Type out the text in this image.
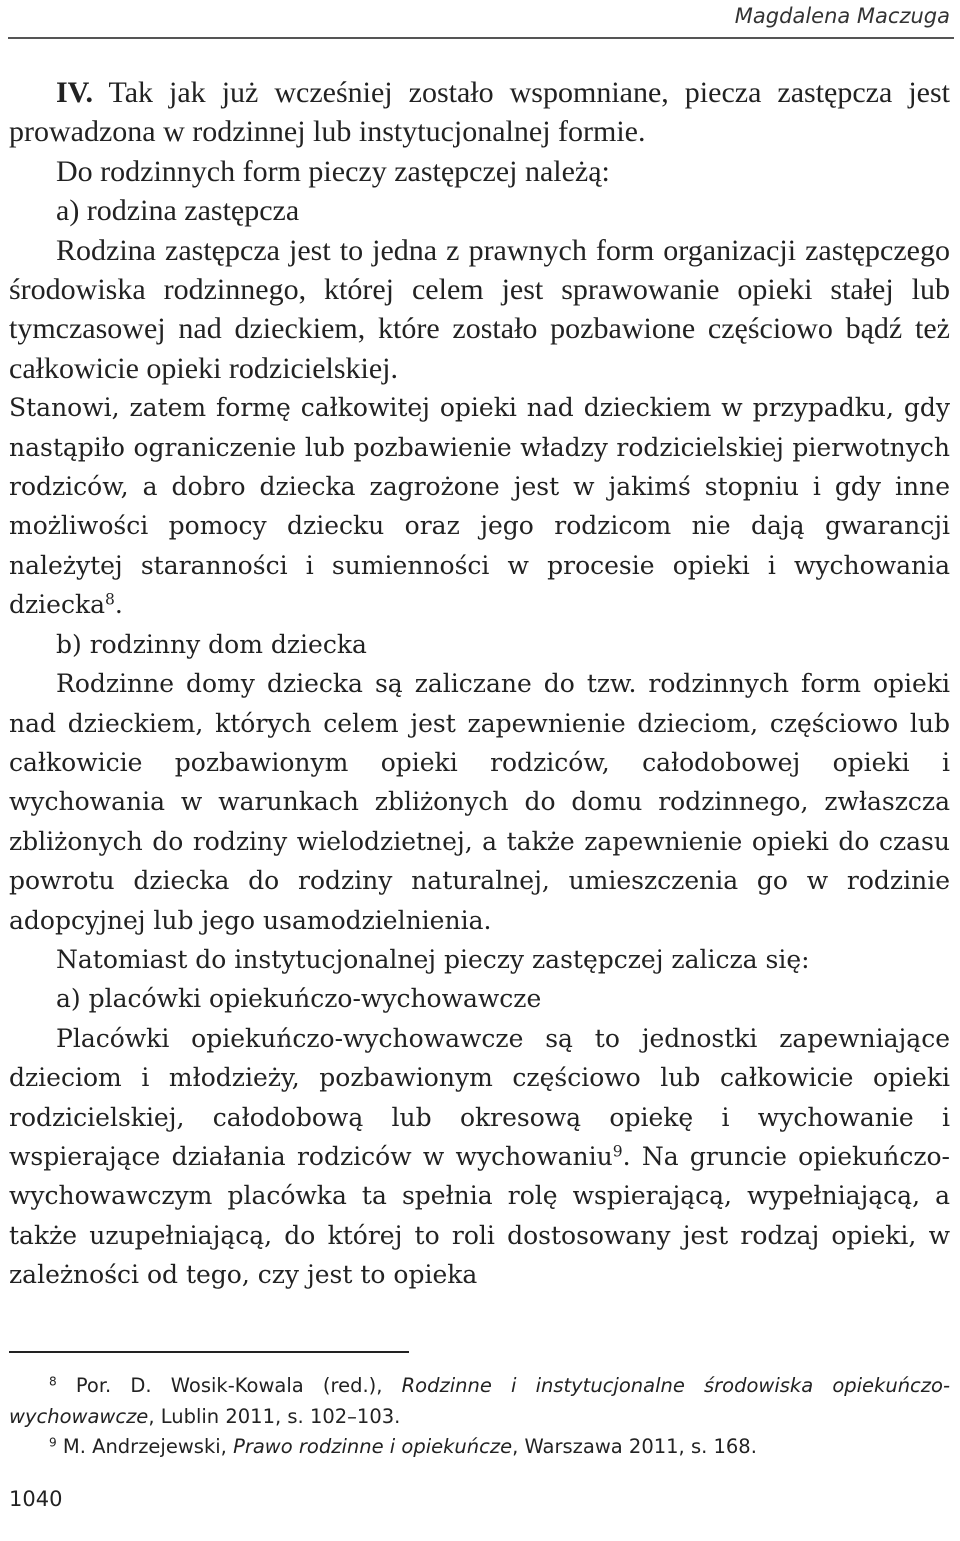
Magdalena Maczuga

IV. Tak jak już wcześniej zostało wspomniane, piecza zastępcza jest prowadzona w rodzinnej lub instytucjonalnej formie.

Do rodzinnych form pieczy zastępczej należą:

a) rodzina zastępcza

Rodzina zastępcza jest to jedna z prawnych form organizacji zastępczego środowiska rodzinnego, której celem jest sprawowanie opieki stałej lub tymczasowej nad dzieckiem, które zostało pozbawione częściowo bądź też całkowicie opieki rodzicielskiej.

Stanowi, zatem formę całkowitej opieki nad dzieckiem w przypadku, gdy nastąpiło ograniczenie lub pozbawienie władzy rodzicielskiej pierwotnych rodziców, a dobro dziecka zagrożone jest w jakimś stopniu i gdy inne możliwości pomocy dziecku oraz jego rodzicom nie dają gwarancji należytej staranności i sumienności w procesie opieki i wychowania dziecka$^8$.

b) rodzinny dom dziecka

Rodzinne domy dziecka są zaliczane do tzw. rodzinnych form opieki nad dzieckiem, których celem jest zapewnienie dzieciom, częściowo lub całkowicie pozbawionym opieki rodziców, całodobowej opieki i wychowania w warunkach zbliżonych do domu rodzinnego, zwłaszcza zbliżonych do rodziny wielodzietnej, a także zapewnienie opieki do czasu powrotu dziecka do rodziny naturalnej, umieszczenia go w rodzinie adopcyjnej lub jego usamodzielnienia.

Natomiast do instytucjonalnej pieczy zastępczej zalicza się:

a) placówki opiekuńczo-wychowawcze

Placówki opiekuńczo-wychowawcze są to jednostki zapewniające dzieciom i młodzieży, pozbawionym częściowo lub całkowicie opieki rodzicielskiej, całodobową lub okresową opiekę i wychowanie i wspierające działania rodziców w wychowaniu$^9$. Na gruncie opiekuńczo-wychowawczym placówka ta spełnia rolę wspierającą, wypełniającą, a także uzupełniającą, do której to roli dostosowany jest rodzaj opieki, w zależności od tego, czy jest to opieka

$^8$ Por. D. Wosik-Kowala (red.), Rodzinne i instytucjonalne środowiska opiekuńczo-wychowawcze, Lublin 2011, s. 102–103.

$^9$ M. Andrzejewski, Prawo rodzinne i opiekuńcze, Warszawa 2011, s. 168.

1040
